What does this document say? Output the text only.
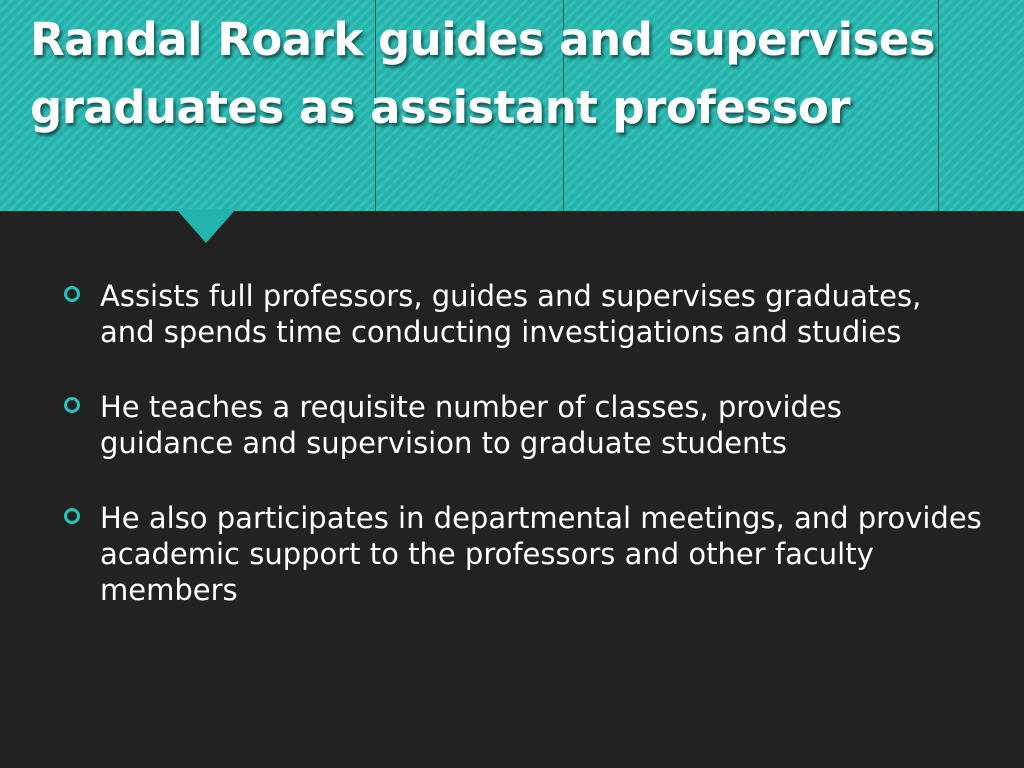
Randal Roark guides and supervises graduates as assistant professor
Assists full professors, guides and supervises graduates, and spends time conducting investigations and studies
He teaches a requisite number of classes, provides guidance and supervision to graduate students
He also participates in departmental meetings, and provides academic support to the professors and other faculty members
